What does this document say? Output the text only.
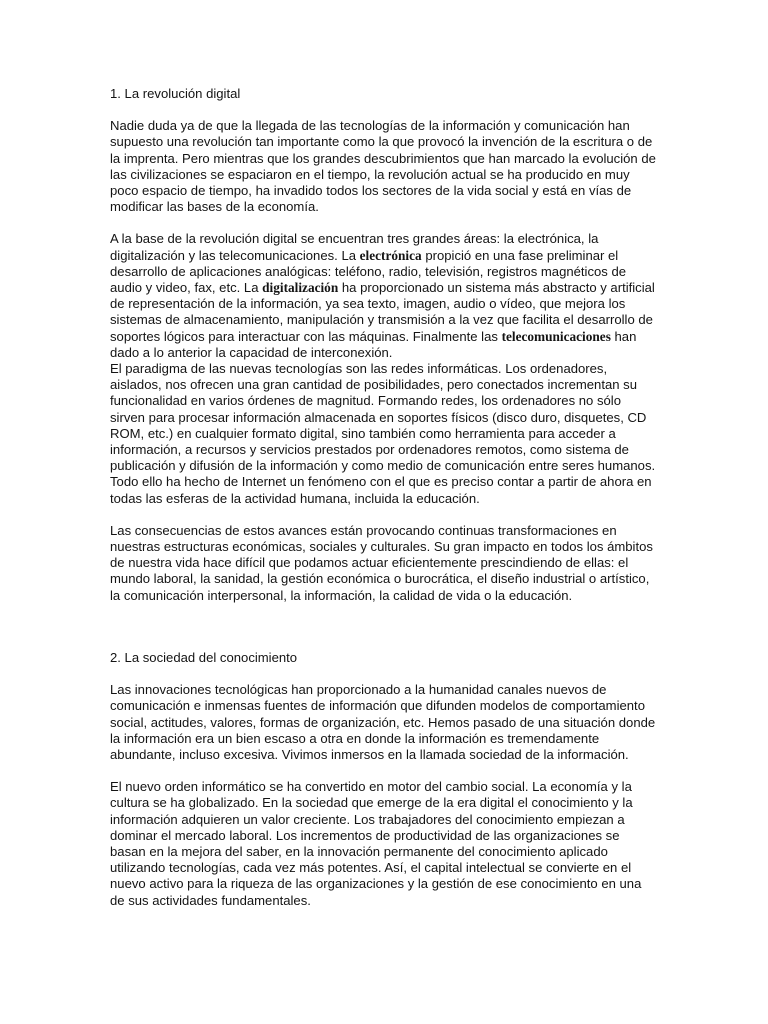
1. La revolución digital

Nadie duda ya de que la llegada de las tecnologías de la información y comunicación han supuesto una revolución tan importante como la que provocó la invención de la escritura o de la imprenta. Pero mientras que los grandes descubrimientos que han marcado la evolución de las civilizaciones se espaciaron en el tiempo, la revolución actual se ha producido en muy poco espacio de tiempo, ha invadido todos los sectores de la vida social y está en vías de modificar las bases de la economía.

A la base de la revolución digital se encuentran tres grandes áreas: la electrónica, la digitalización y las telecomunicaciones. La electrónica propició en una fase preliminar el desarrollo de aplicaciones analógicas: teléfono, radio, televisión, registros magnéticos de audio y video, fax, etc. La digitalización ha proporcionado un sistema más abstracto y artificial de representación de la información, ya sea texto, imagen, audio o vídeo, que mejora los sistemas de almacenamiento, manipulación y transmisión a la vez que facilita el desarrollo de soportes lógicos para interactuar con las máquinas. Finalmente las telecomunicaciones han dado a lo anterior la capacidad de interconexión.

El paradigma de las nuevas tecnologías son las redes informáticas. Los ordenadores, aislados, nos ofrecen una gran cantidad de posibilidades, pero conectados incrementan su funcionalidad en varios órdenes de magnitud. Formando redes, los ordenadores no sólo sirven para procesar información almacenada en soportes físicos (disco duro, disquetes, CD ROM, etc.) en cualquier formato digital, sino también como herramienta para acceder a información, a recursos y servicios prestados por ordenadores remotos, como sistema de publicación y difusión de la información y como medio de comunicación entre seres humanos. Todo ello ha hecho de Internet un fenómeno con el que es preciso contar a partir de ahora en todas las esferas de la actividad humana, incluida la educación.

Las consecuencias de estos avances están provocando continuas transformaciones en nuestras estructuras económicas, sociales y culturales. Su gran impacto en todos los ámbitos de nuestra vida hace difícil que podamos actuar eficientemente prescindiendo de ellas: el mundo laboral, la sanidad, la gestión económica o burocrática, el diseño industrial o artístico, la comunicación interpersonal, la información, la calidad de vida o la educación.

2. La sociedad del conocimiento

Las innovaciones tecnológicas han proporcionado a la humanidad canales nuevos de comunicación e inmensas fuentes de información que difunden modelos de comportamiento social, actitudes, valores, formas de organización, etc. Hemos pasado de una situación donde la información era un bien escaso a otra en donde la información es tremendamente abundante, incluso excesiva. Vivimos inmersos en la llamada sociedad de la información.

El nuevo orden informático se ha convertido en motor del cambio social. La economía y la cultura se ha globalizado. En la sociedad que emerge de la era digital el conocimiento y la información adquieren un valor creciente. Los trabajadores del conocimiento empiezan a dominar el mercado laboral. Los incrementos de productividad de las organizaciones se basan en la mejora del saber, en la innovación permanente del conocimiento aplicado utilizando tecnologías, cada vez más potentes. Así, el capital intelectual se convierte en el nuevo activo para la riqueza de las organizaciones y la gestión de ese conocimiento en una de sus actividades fundamentales.
